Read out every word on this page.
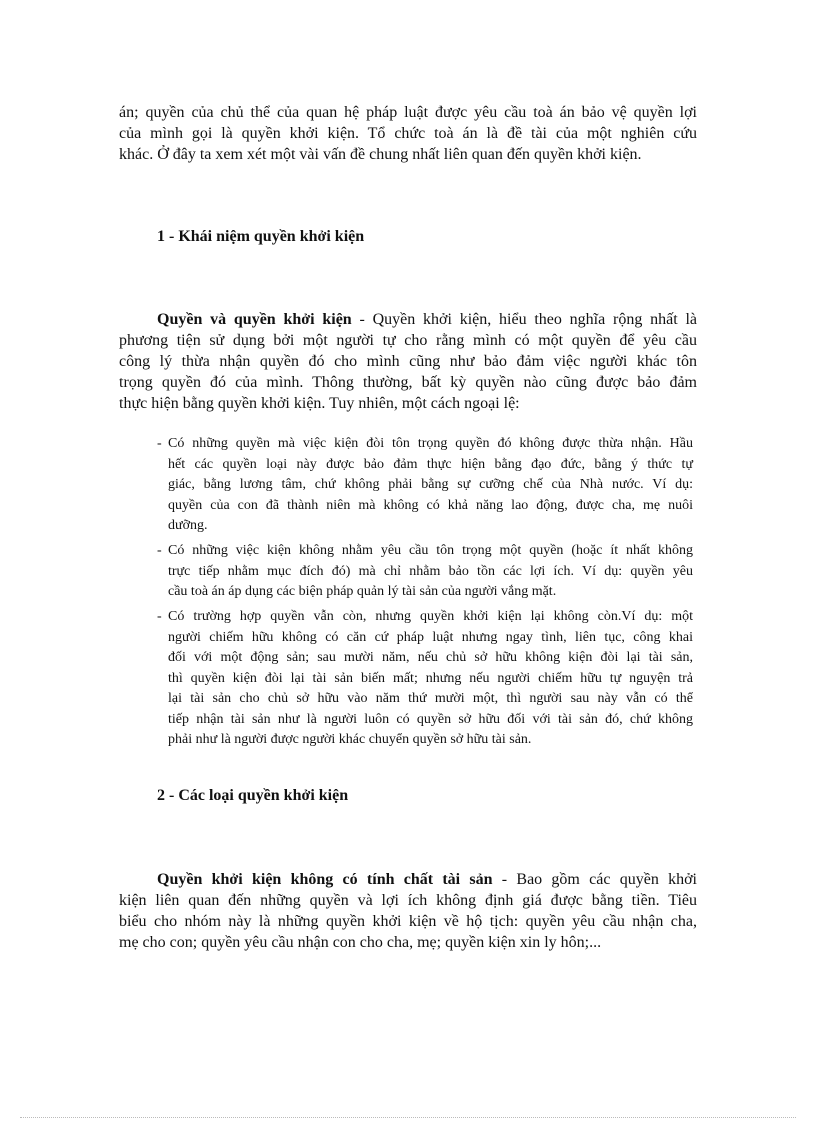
án; quyền của chủ thể của quan hệ pháp luật được yêu cầu toà án bảo vệ quyền lợi
của mình gọi là quyền khởi kiện. Tổ chức toà án là đề tài của một nghiên cứu
khác. Ở đây ta xem xét một vài vấn đề chung nhất liên quan đến quyền khởi kiện.
1 - Khái niệm quyền khởi kiện
Quyền và quyền khởi kiện - Quyền khởi kiện, hiểu theo nghĩa rộng nhất là
phương tiện sử dụng bởi một người tự cho rằng mình có một quyền để yêu cầu
công lý thừa nhận quyền đó cho mình cũng như bảo đảm việc người khác tôn
trọng quyền đó của mình. Thông thường, bất kỳ quyền nào cũng được bảo đảm
thực hiện bằng quyền khởi kiện. Tuy nhiên, một cách ngoại lệ:
- Có những quyền mà việc kiện đòi tôn trọng quyền đó không được thừa nhận. Hầu
hết các quyền loại này được bảo đảm thực hiện bằng đạo đức, bằng ý thức tự
giác, bằng lương tâm, chứ không phải bằng sự cưỡng chế của Nhà nước. Ví dụ:
quyền của con đã thành niên mà không có khả năng lao động, được cha, mẹ nuôi
dưỡng.
- Có những việc kiện không nhằm yêu cầu tôn trọng một quyền (hoặc ít nhất không
trực tiếp nhằm mục đích đó) mà chỉ nhằm bảo tồn các lợi ích. Ví dụ: quyền yêu
cầu toà án áp dụng các biện pháp quản lý tài sản của người vắng mặt.
- Có trường hợp quyền vẫn còn, nhưng quyền khởi kiện lại không còn.Ví dụ: một
người chiếm hữu không có căn cứ pháp luật nhưng ngay tình, liên tục, công khai
đối với một động sản; sau mười năm, nếu chủ sở hữu không kiện đòi lại tài sản,
thì quyền kiện đòi lại tài sản biến mất; nhưng nếu người chiếm hữu tự nguyện trả
lại tài sản cho chủ sở hữu vào năm thứ mười một, thì người sau này vẫn có thể
tiếp nhận tài sản như là người luôn có quyền sở hữu đối với tài sản đó, chứ không
phải như là người được người khác chuyển quyền sở hữu tài sản.
2 - Các loại quyền khởi kiện
Quyền khởi kiện không có tính chất tài sản - Bao gồm các quyền khởi
kiện liên quan đến những quyền và lợi ích không định giá được bằng tiền. Tiêu
biểu cho nhóm này là những quyền khởi kiện về hộ tịch: quyền yêu cầu nhận cha,
mẹ cho con; quyền yêu cầu nhận con cho cha, mẹ; quyền kiện xin ly hôn;...
